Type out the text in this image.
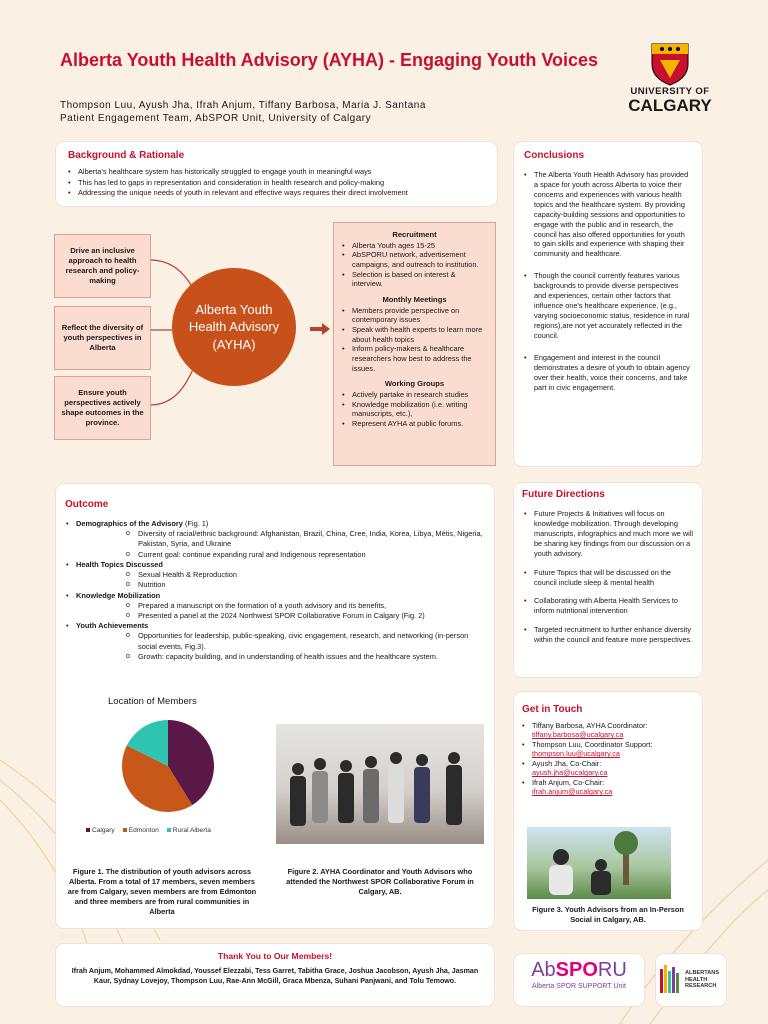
Alberta Youth Health Advisory (AYHA) - Engaging Youth Voices
Thompson Luu, Ayush Jha, Ifrah Anjum, Tiffany Barbosa, Maria J. Santana
Patient Engagement Team, AbSPOR Unit, University of Calgary
UNIVERSITY OF
CALGARY
Background & Rationale
• Alberta's healthcare system has historically struggled to engage youth in meaningful ways
• This has led to gaps in representation and consideration in health research and policy-making
• Addressing the unique needs of youth in relevant and effective ways requires their direct involvement
Drive an inclusive approach to health research and policy-making
Reflect the diversity of youth perspectives in Alberta
Ensure youth perspectives actively shape outcomes in the province.
Alberta Youth Health Advisory (AYHA)
Recruitment
• Alberta Youth ages 15-25
• AbSPORU network, advertisement campaigns, and outreach to institution.
• Selection is based on interest & interview.
Monthly Meetings
• Members provide perspective on contemporary issues
• Speak with health experts to learn more about health topics
• Inform policy-makers & healthcare researchers how best to address the issues.
Working Groups
• Actively partake in research studies
• Knowledge mobilization (i.e. writing manuscripts, etc.),
• Represent AYHA at public forums.
Conclusions
• The Alberta Youth Health Advisory has provided a space for youth across Alberta to voice their concerns and experiences with various health topics and the healthcare system. By providing capacity-building sessions and opportunities to engage with the public and in research, the council has also offered opportunities for youth to gain skills and experience with shaping their community and healthcare.
• Though the council currently features various backgrounds to provide diverse perspectives and experiences, certain other factors that influence one's healthcare experience, (e.g., varying socioeconomic status, residence in rural regions),are not yet accurately reflected in the council.
• Engagement and interest in the council demonstrates a desire of youth to obtain agency over their health, voice their concerns, and take part in civic engagement.
Outcome
• Demographics of the Advisory (Fig. 1)
o Diversity of racial/ethnic background: Afghanistan, Brazil, China, Cree, India, Korea, Libya, Métis, Nigeria, Pakistan, Syria, and Ukraine
o Current goal: continue expanding rural and Indigenous representation
• Health Topics Discussed
o Sexual Health & Reproduction
o Nutrition
• Knowledge Mobilization
o Prepared a manuscript on the formation of a youth advisory and its benefits,
o Presented a panel at the 2024 Northwest SPOR Collaborative Forum in Calgary (Fig. 2)
• Youth Achievements
o Opportunities for leadership, public-speaking, civic engagement, research, and networking (in-person social events, Fig.3).
o Growth: capacity building, and in understanding of health issues and the healthcare system.
Location of Members
Calgary	Edmonton	Rural Alberta
Figure 1. The distribution of youth advisors across Alberta. From a total of 17 members, seven members are from Calgary, seven members are from Edmonton and three members are from rural communities in Alberta
Figure 2. AYHA Coordinator and Youth Advisors who attended the Northwest SPOR Collaborative Forum in Calgary, AB.
Future Directions
• Future Projects & Initiatives will focus on knowledge mobilization. Through developing manuscripts, infographics and much more we will be sharing key findings from our discussion on a youth advisory.
• Future Topics that will be discussed on the council include sleep & mental health
• Collaborating with Alberta Health Services to inform nutritional intervention
• Targeted recruitment to further enhance diversity within the council and feature more perspectives.
Get in Touch
• Tiffany Barbosa, AYHA Coordinator:
tiffany.barbosa@ucalgary.ca
• Thompson Luu, Coordinator Support:
thompson.luu@ucalgary.ca
• Ayush Jha, Co-Chair:
ayush.jha@ucalgary.ca
• Ifrah Anjum, Co-Chair:
ifrah.anjum@ucalgary.ca
Figure 3. Youth Advisors from an In-Person Social in Calgary, AB.
Thank You to Our Members!
Ifrah Anjum, Mohammed Almokdad, Youssef Elezzabi, Tess Garret, Tabitha Grace, Joshua Jacobson, Ayush Jha, Jasman Kaur, Sydnay Lovejoy, Thompson Luu, Rae-Ann McGill, Graca Mbenza, Suhani Panjwani, and Tolu Temowo.	AbSPORU
Alberta SPOR SUPPORT Unit
ALBERTANS
HEALTH
RESEARCH
